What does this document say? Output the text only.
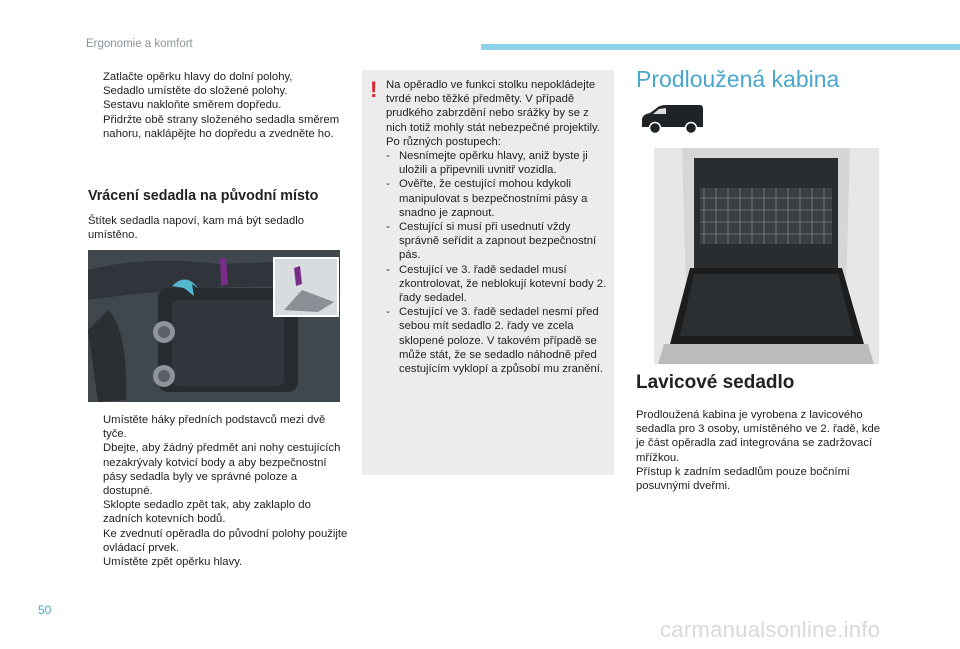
Ergonomie a komfort
Zatlačte opěrku hlavy do dolní polohy,
Sedadlo umístěte do složené polohy.
Sestavu nakloňte směrem dopředu.
Přidržte obě strany složeného sedadla směrem nahoru, naklápějte ho dopředu a zvedněte ho.
Vrácení sedadla na původní místo
Štítek sedadla napoví, kam má být sedadlo umístěno.
Umístěte háky předních podstavců mezi dvě tyče.
Dbejte, aby žádný předmět ani nohy cestujících nezakrývaly kotvicí body a aby bezpečnostní pásy sedadla byly ve správné poloze a dostupné.
Sklopte sedadlo zpět tak, aby zaklaplo do zadních kotevních bodů.
Ke zvednutí opěradla do původní polohy použijte ovládací prvek.
Umístěte zpět opěrku hlavy.
! Na opěradlo ve funkci stolku nepokládejte tvrdé nebo těžké předměty. V případě prudkého zabrzdění nebo srážky by se z nich totiž mohly stát nebezpečné projektily.
Po různých postupech:
- Nesnímejte opěrku hlavy, aniž byste ji uložili a připevnili uvnitř vozidla.
- Ověřte, že cestující mohou kdykoli manipulovat s bezpečnostními pásy a snadno je zapnout.
- Cestující si musí při usednutí vždy správně seřídit a zapnout bezpečnostní pás.
- Cestující ve 3. řadě sedadel musí zkontrolovat, že neblokují kotevní body 2. řady sedadel.
- Cestující ve 3. řadě sedadel nesmí před sebou mít sedadlo 2. řady ve zcela sklopené poloze. V takovém případě se může stát, že se sedadlo náhodně před cestujícím vyklopí a způsobí mu zranění.
Prodloužená kabina
Lavicové sedadlo
Prodloužená kabina je vyrobena z lavicového sedadla pro 3 osoby, umístěného ve 2. řadě, kde je část opěradla zad integrována se zadržovací mřížkou.
Přístup k zadním sedadlům pouze bočními posuvnými dveřmi.
50
carmanualsonline.info
